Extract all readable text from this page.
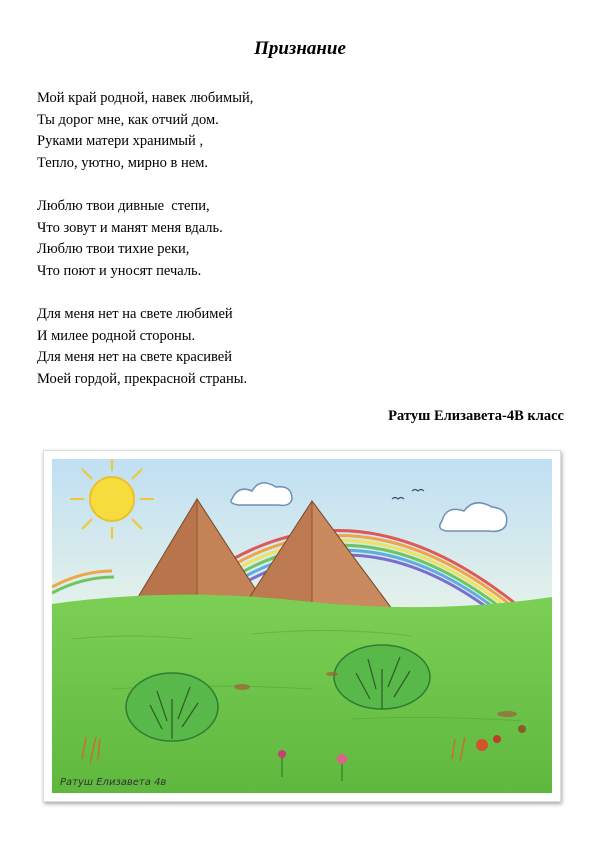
Признание
Мой край родной, навек любимый,
Ты дорог мне, как отчий дом.
Руками матери хранимый ,
Тепло, уютно, мирно в нем.
Люблю твои дивные  степи,
Что зовут и манят меня вдаль.
Люблю твои тихие реки,
Что поют и уносят печаль.
Для меня нет на свете любимей
И милее родной стороны.
Для меня нет на свете красивей
Моей гордой, прекрасной страны.
Ратуш Елизавета-4В класс
Ратуш Елизавета 4в
